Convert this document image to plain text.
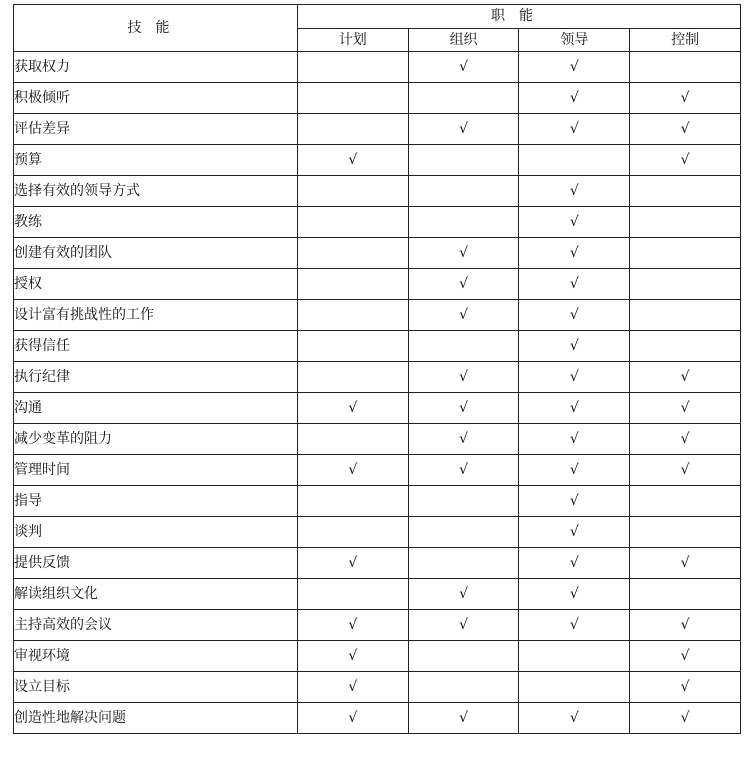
技能	职能			
	计划	组织	领导	控制
获取权力		√	√	
积极倾听			√	√
评估差异		√	√	√
预算	√			√
选择有效的领导方式			√	
教练			√	
创建有效的团队		√	√	
授权		√	√	
设计富有挑战性的工作		√	√	
获得信任			√	
执行纪律		√	√	√
沟通	√	√	√	√
减少变革的阻力		√	√	√
管理时间	√	√	√	√
指导			√	
谈判			√	
提供反馈	√		√	√
解读组织文化		√	√	
主持高效的会议	√	√	√	√
审视环境	√			√
设立目标	√			√
创造性地解决问题	√	√	√	√
